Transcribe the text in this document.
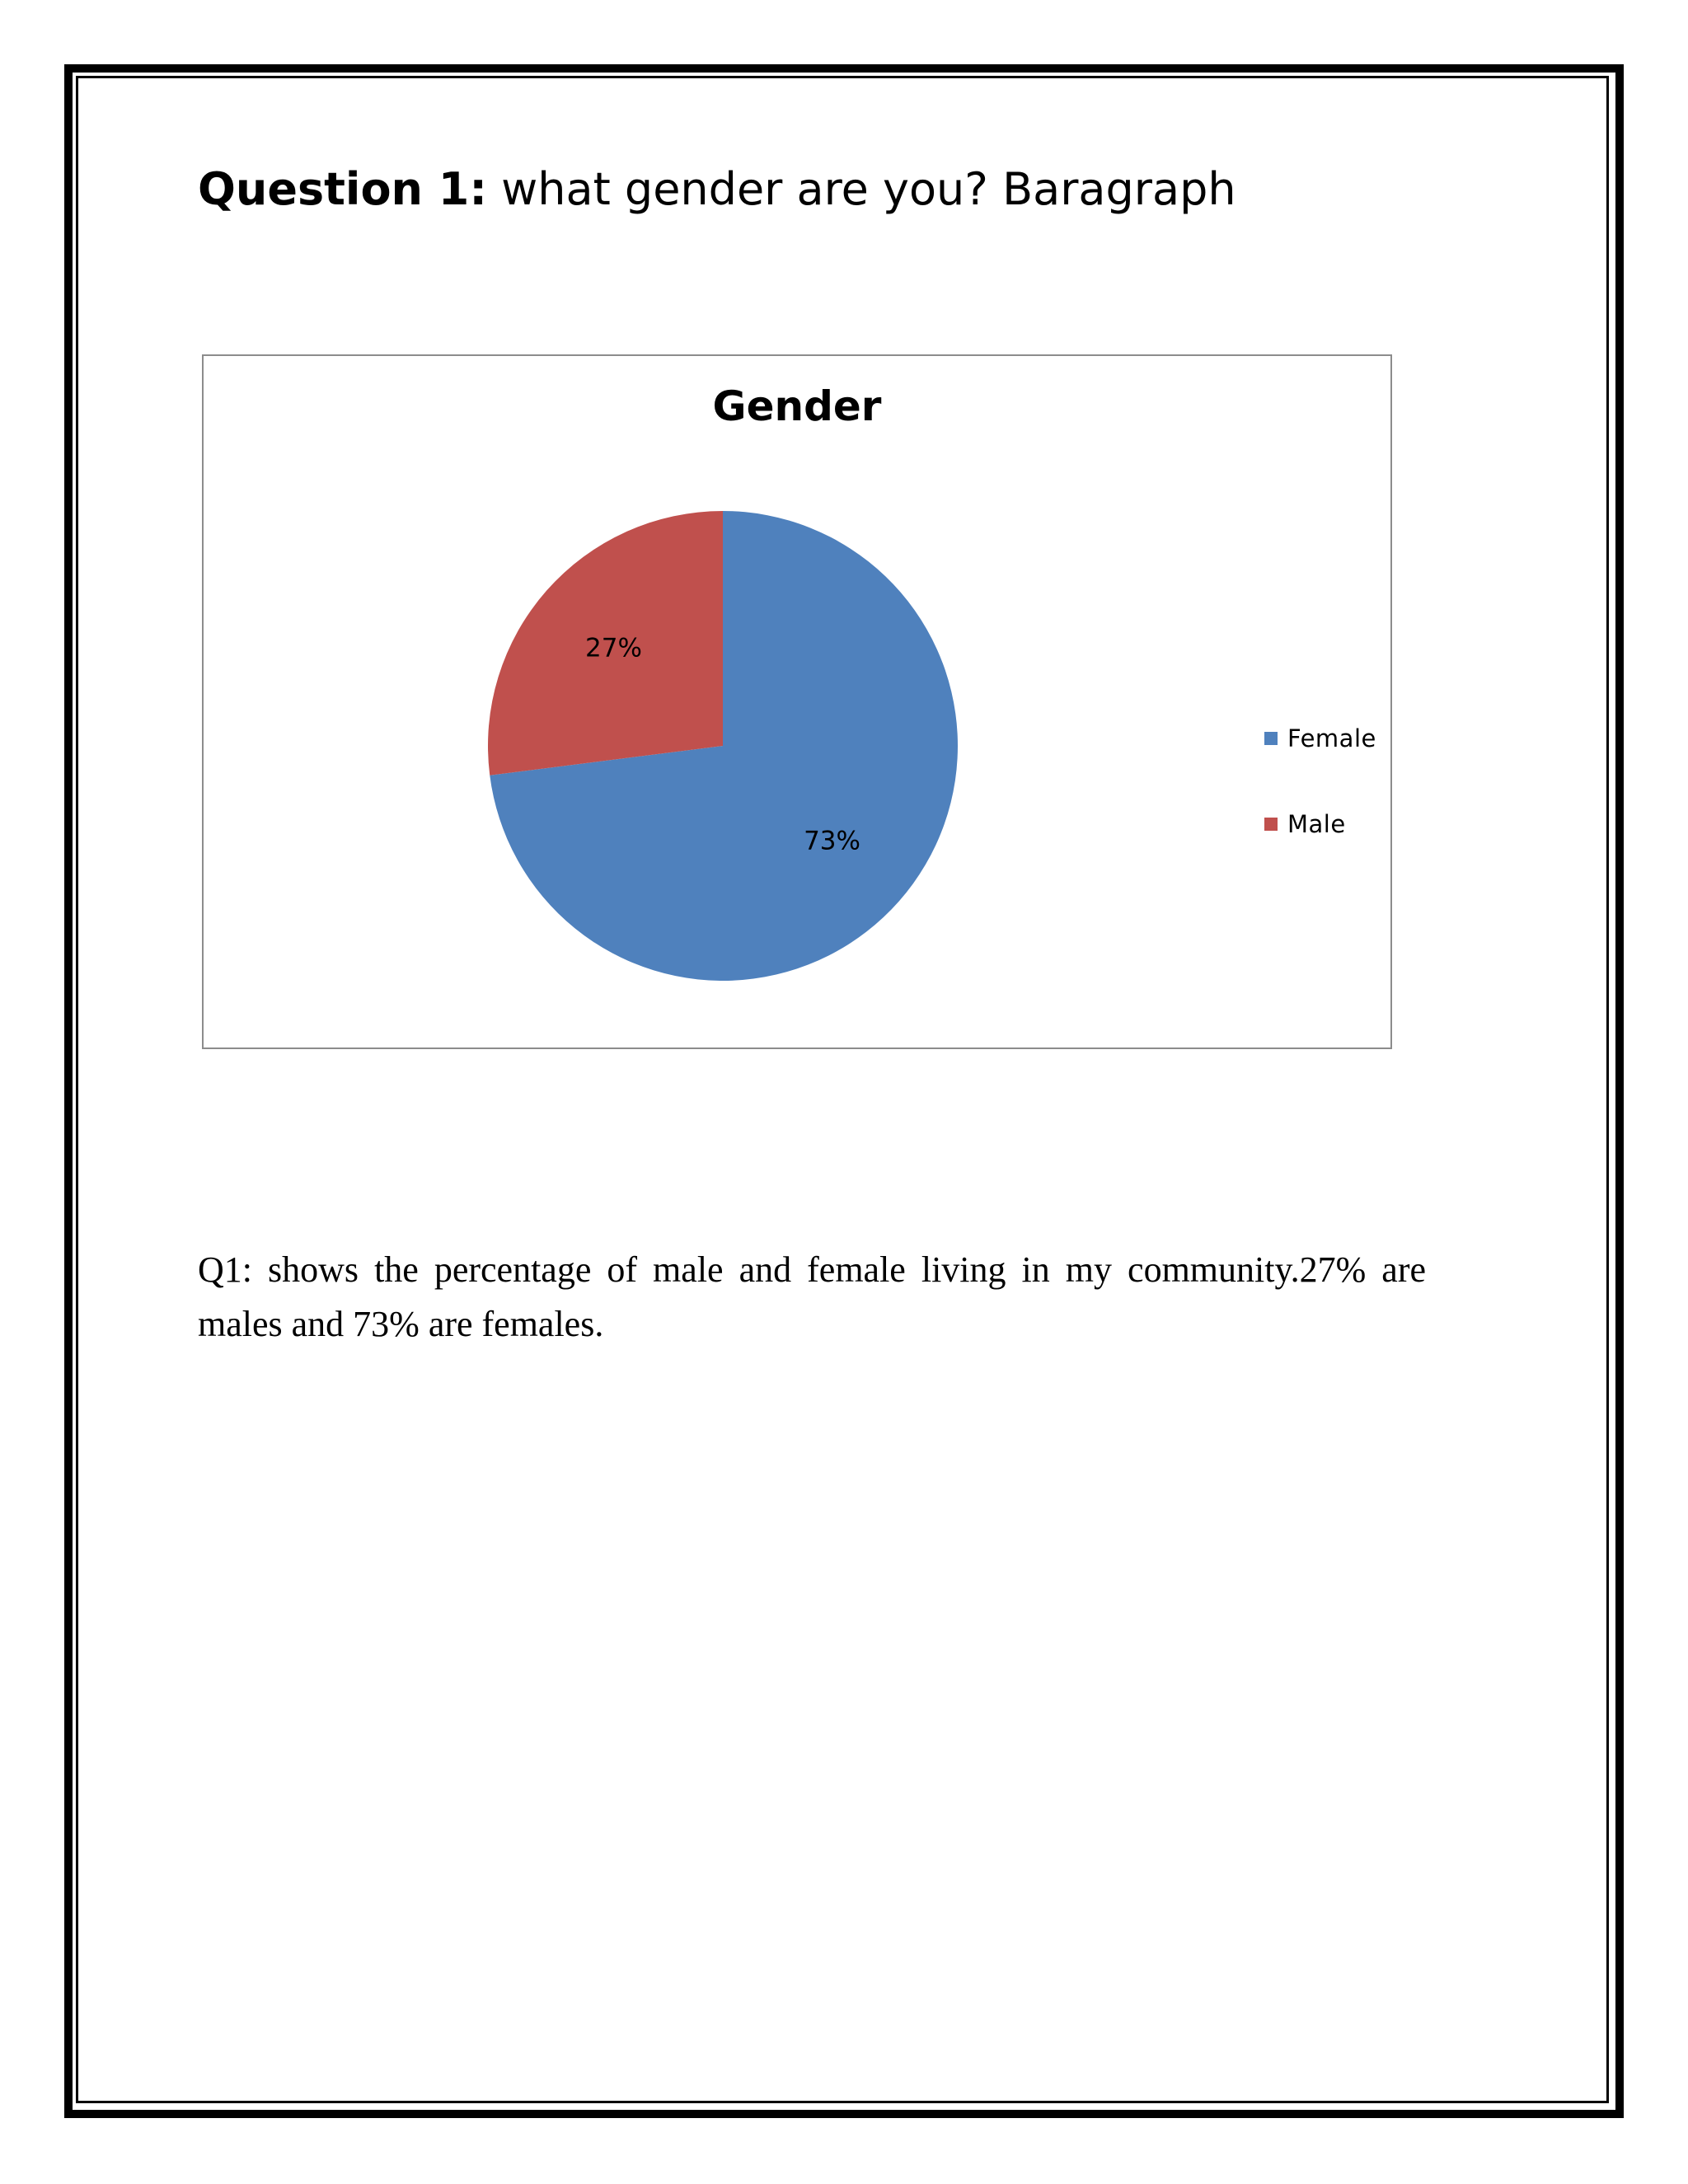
Question 1: what gender are you? Baragraph
Gender
73%
27%
Female
Male
Q1: shows the percentage of male and female living in my community.27% are males and 73% are females.
